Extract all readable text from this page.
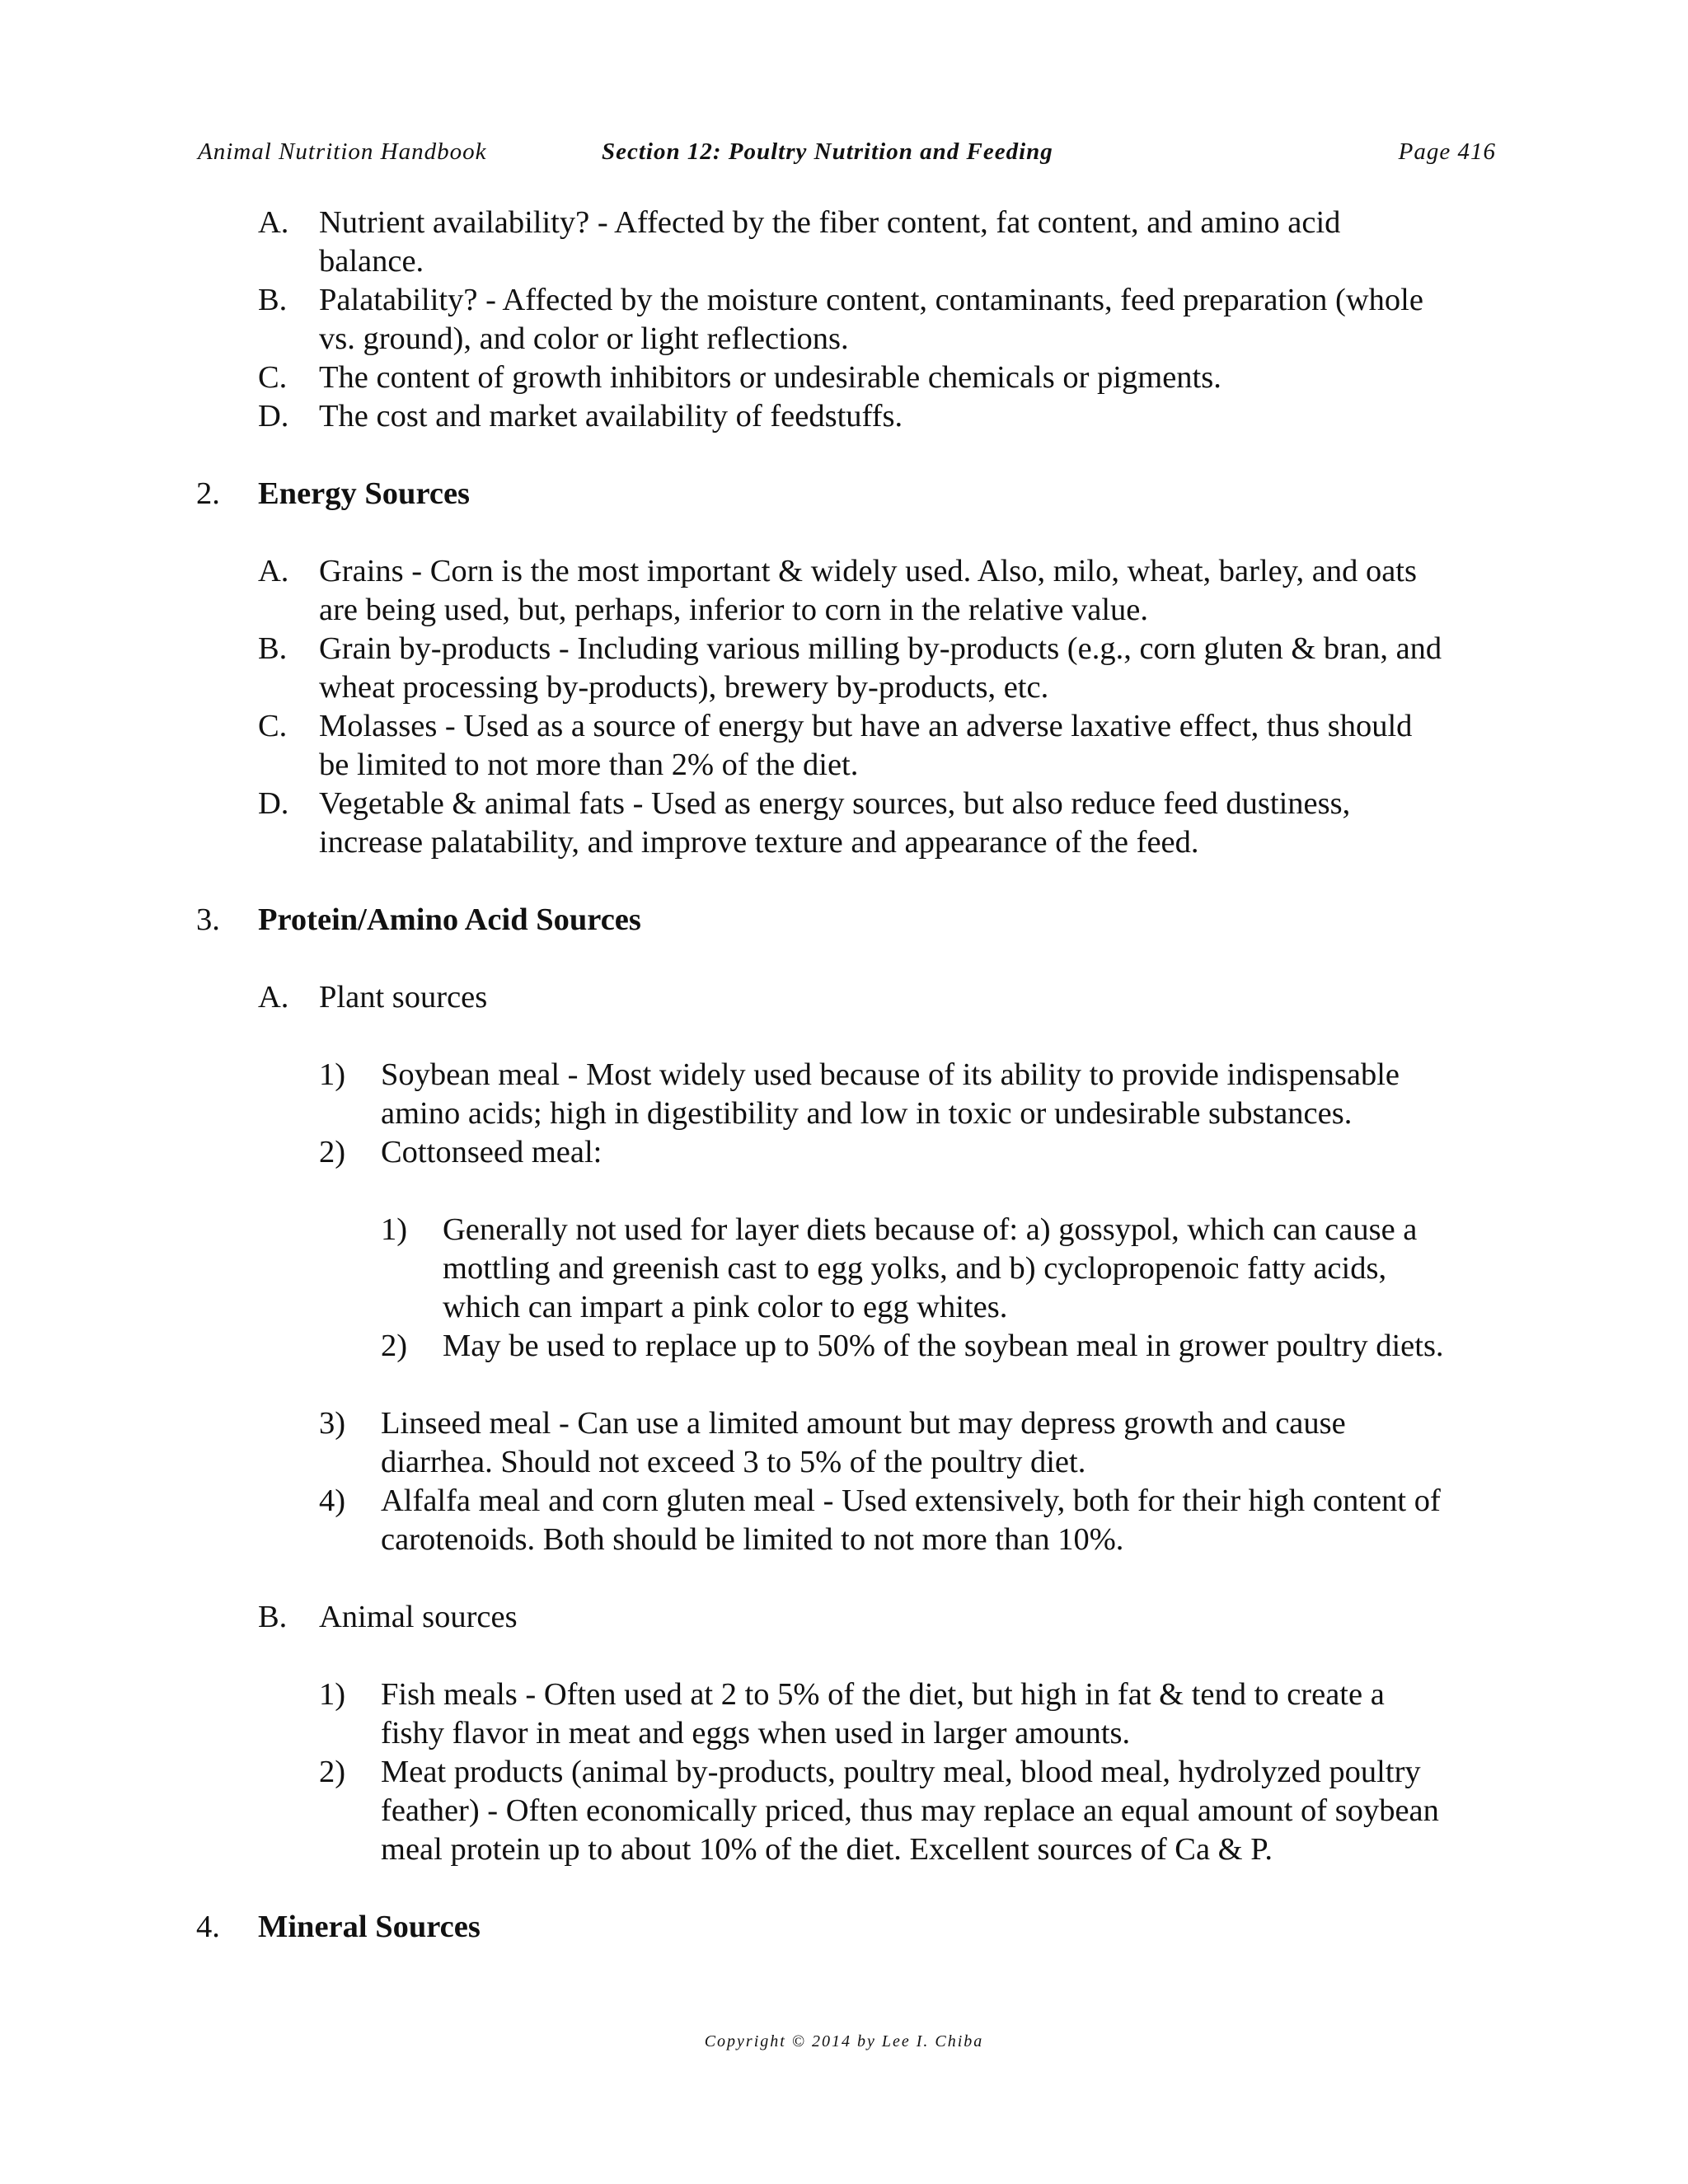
Animal Nutrition Handbook	Section 12: Poultry Nutrition and Feeding	Page 416
A. Nutrient availability? - Affected by the fiber content, fat content, and amino acid
balance.
B. Palatability? - Affected by the moisture content, contaminants, feed preparation (whole
vs. ground), and color or light reflections.
C. The content of growth inhibitors or undesirable chemicals or pigments.
D. The cost and market availability of feedstuffs.
2. Energy Sources
A. Grains - Corn is the most important & widely used. Also, milo, wheat, barley, and oats
are being used, but, perhaps, inferior to corn in the relative value.
B. Grain by-products - Including various milling by-products (e.g., corn gluten & bran, and
wheat processing by-products), brewery by-products, etc.
C. Molasses - Used as a source of energy but have an adverse laxative effect, thus should
be limited to not more than 2% of the diet.
D. Vegetable & animal fats - Used as energy sources, but also reduce feed dustiness,
increase palatability, and improve texture and appearance of the feed.
3. Protein/Amino Acid Sources
A. Plant sources
1) Soybean meal - Most widely used because of its ability to provide indispensable
amino acids; high in digestibility and low in toxic or undesirable substances.
2) Cottonseed meal:
1) Generally not used for layer diets because of: a) gossypol, which can cause a
mottling and greenish cast to egg yolks, and b) cyclopropenoic fatty acids,
which can impart a pink color to egg whites.
2) May be used to replace up to 50% of the soybean meal in grower poultry diets.
3) Linseed meal - Can use a limited amount but may depress growth and cause
diarrhea. Should not exceed 3 to 5% of the poultry diet.
4) Alfalfa meal and corn gluten meal - Used extensively, both for their high content of
carotenoids. Both should be limited to not more than 10%.
B. Animal sources
1) Fish meals - Often used at 2 to 5% of the diet, but high in fat & tend to create a
fishy flavor in meat and eggs when used in larger amounts.
2) Meat products (animal by-products, poultry meal, blood meal, hydrolyzed poultry
feather) - Often economically priced, thus may replace an equal amount of soybean
meal protein up to about 10% of the diet. Excellent sources of Ca & P.
4. Mineral Sources
Copyright © 2014 by Lee I. Chiba
